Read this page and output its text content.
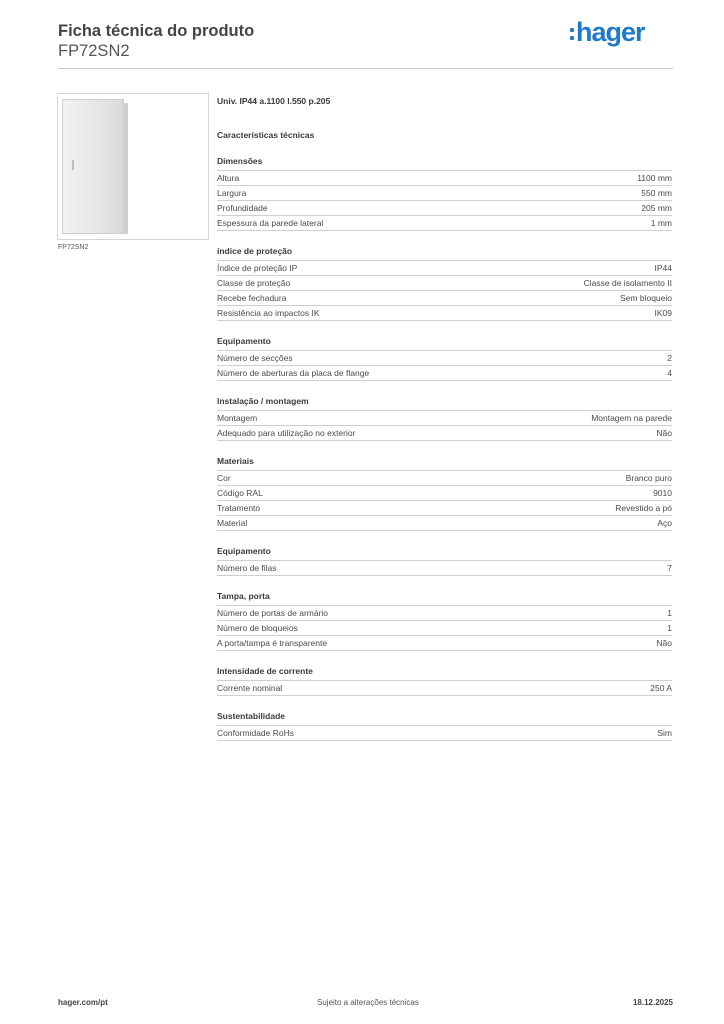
Ficha técnica do produto
FP72SN2
hager
FP72SN2
Univ. IP44 a.1100 l.550 p.205
Características técnicas
Dimensões
Altura	1100 mm
Largura	550 mm
Profundidade	205 mm
Espessura da parede lateral	1 mm
índice de proteção
Índice de proteção IP	IP44
Classe de proteção	Classe de isolamento II
Recebe fechadura	Sem bloqueio
Resistência ao impactos IK	IK09
Equipamento
Número de secções	2
Número de aberturas da placa de flange	4
Instalação / montagem
Montagem	Montagem na parede
Adequado para utilização no exterior	Não
Materiais
Cor	Branco puro
Código RAL	9010
Tratamento	Revestido a pó
Material	Aço
Equipamento
Número de filas	7
Tampa, porta
Número de portas de armário	1
Número de bloqueios	1
A porta/tampa é transparente	Não
Intensidade de corrente
Corrente nominal	250 A
Sustentabilidade
Conformidade RoHs	Sim
hager.com/pt	Sujeito a alterações técnicas	18.12.2025
